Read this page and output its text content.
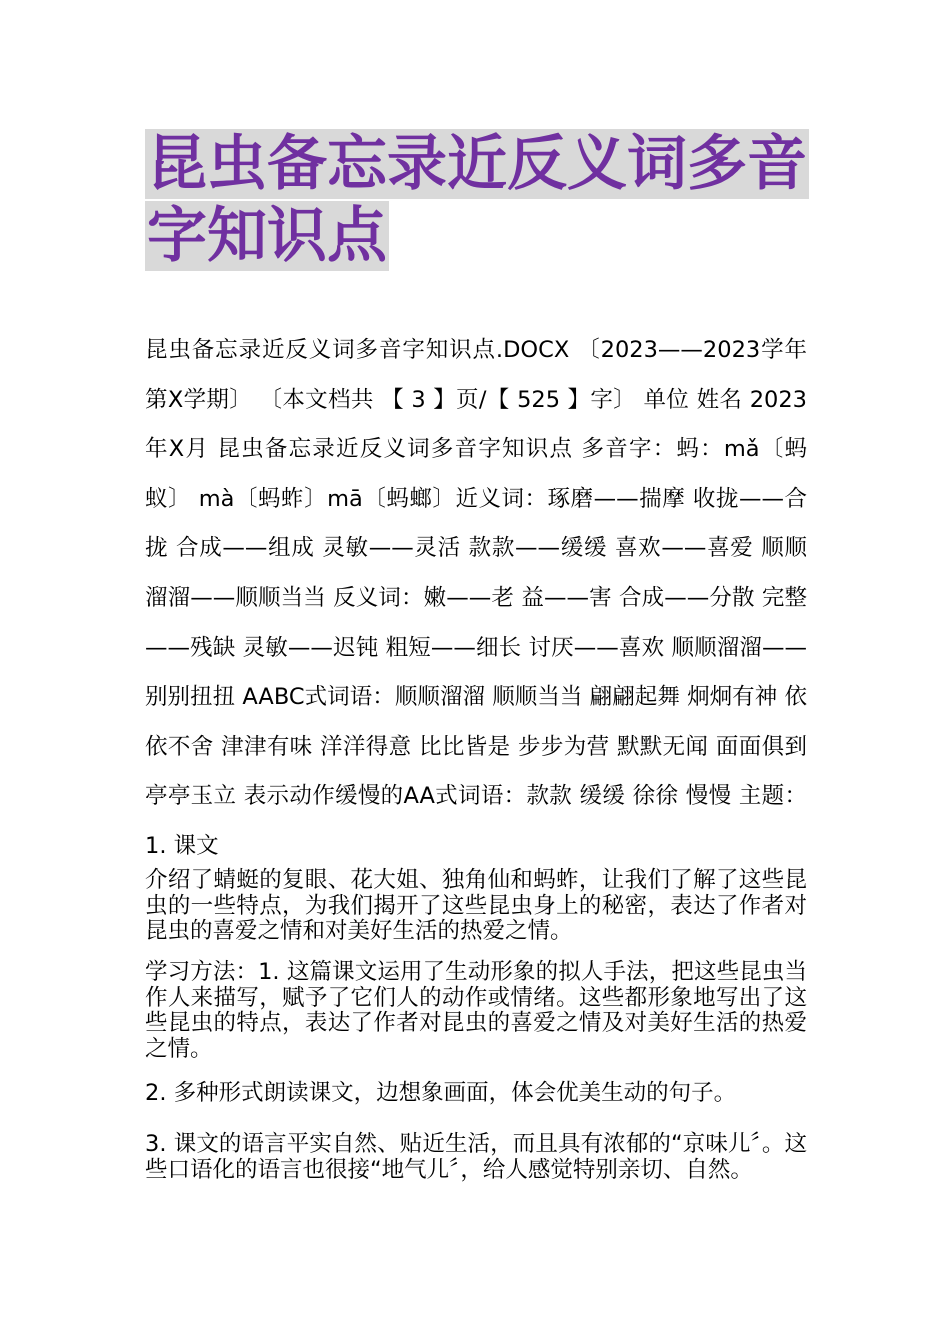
昆虫备忘录近反义词多音字知识点

昆虫备忘录近反义词多音字知识点.DOCX 〔2023——2023学年第X学期〕 〔本文档共 【 3 】页/【 525 】字〕 单位 姓名 2023年X月 昆虫备忘录近反义词多音字知识点 多音字：蚂：mǎ〔蚂蚁〕 mà〔蚂蚱〕mā〔蚂螂〕近义词：琢磨——揣摩 收拢——合拢 合成——组成 灵敏——灵活 款款——缓缓 喜欢——喜爱 顺顺溜溜——顺顺当当 反义词：嫩——老 益——害 合成——分散 完整——残缺 灵敏——迟钝 粗短——细长 讨厌——喜欢 顺顺溜溜——别别扭扭 AABC式词语：顺顺溜溜 顺顺当当 翩翩起舞 炯炯有神 依依不舍 津津有味 洋洋得意 比比皆是 步步为营 默默无闻 面面俱到 亭亭玉立 表示动作缓慢的AA式词语：款款 缓缓 徐徐 慢慢 主题：1. 课文

介绍了蜻蜓的复眼、花大姐、独角仙和蚂蚱，让我们了解了这些昆虫的一些特点，为我们揭开了这些昆虫身上的秘密，表达了作者对昆虫的喜爱之情和对美好生活的热爱之情。

学习方法：1. 这篇课文运用了生动形象的拟人手法，把这些昆虫当作人来描写，赋予了它们人的动作或情绪。这些都形象地写出了这些昆虫的特点，表达了作者对昆虫的喜爱之情及对美好生活的热爱之情。

2. 多种形式朗读课文，边想象画面，体会优美生动的句子。

3. 课文的语言平实自然、贴近生活，而且具有浓郁的“京味儿〞。这些口语化的语言也很接“地气儿〞，给人感觉特别亲切、自然。
